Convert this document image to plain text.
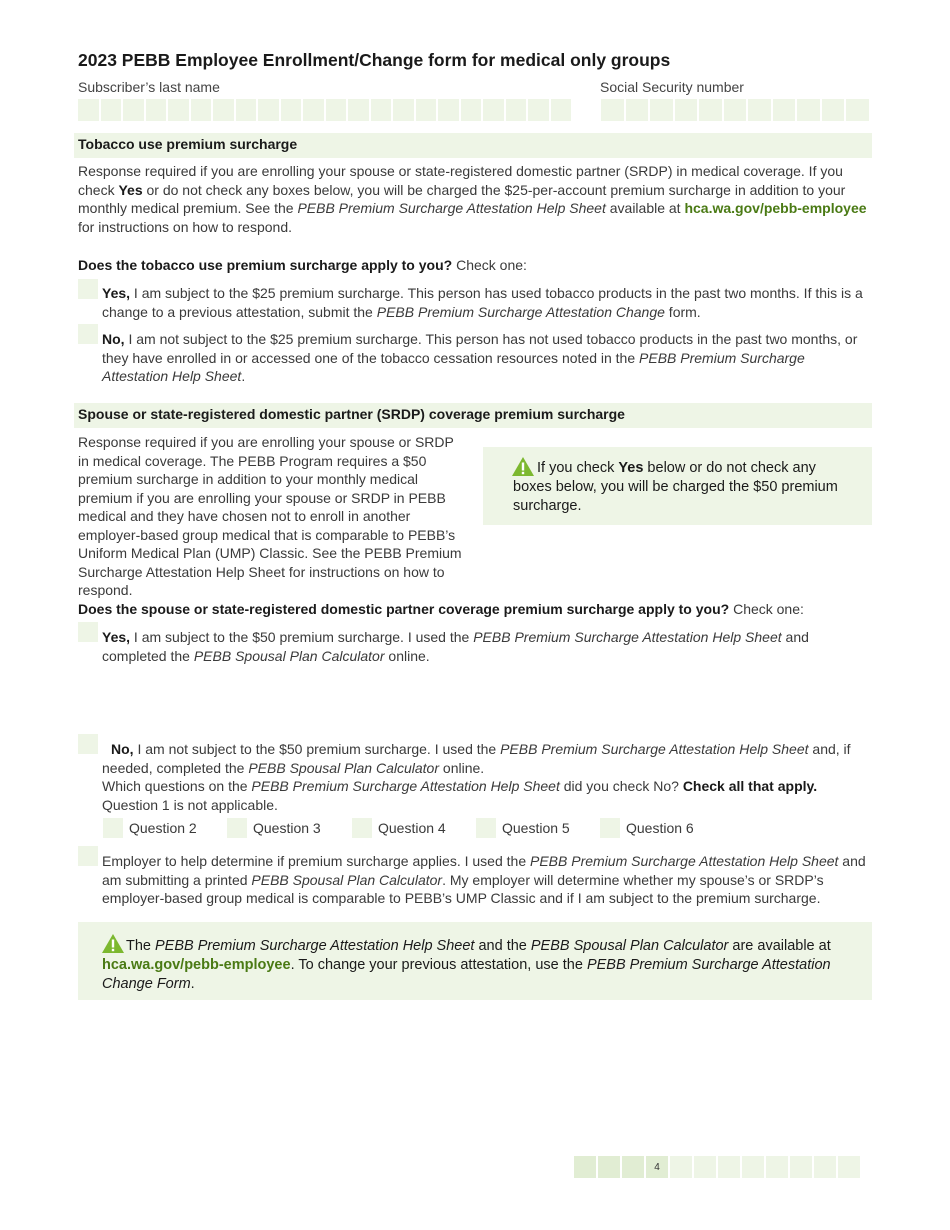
2023 PEBB Employee Enrollment/Change form for medical only groups
Subscriber’s last name	Social Security number
Tobacco use premium surcharge
Response required if you are enrolling your spouse or state-registered domestic partner (SRDP) in medical coverage. If you check Yes or do not check any boxes below, you will be charged the $25-per-account premium surcharge in addition to your monthly medical premium. See the PEBB Premium Surcharge Attestation Help Sheet available at hca.wa.gov/pebb-employee for instructions on how to respond.
Does the tobacco use premium surcharge apply to you? Check one:
Yes, I am subject to the $25 premium surcharge. This person has used tobacco products in the past two months. If this is a change to a previous attestation, submit the PEBB Premium Surcharge Attestation Change form.
No, I am not subject to the $25 premium surcharge. This person has not used tobacco products in the past two months, or they have enrolled in or accessed one of the tobacco cessation resources noted in the PEBB Premium Surcharge Attestation Help Sheet.
Spouse or state-registered domestic partner (SRDP) coverage premium surcharge
Response required if you are enrolling your spouse or SRDP in medical coverage. The PEBB Program requires a $50 premium surcharge in addition to your monthly medical premium if you are enrolling your spouse or SRDP in PEBB medical and they have chosen not to enroll in another employer-based group medical that is comparable to PEBB’s Uniform Medical Plan (UMP) Classic. See the PEBB Premium Surcharge Attestation Help Sheet for instructions on how to respond.
If you check Yes below or do not check any boxes below, you will be charged the $50 premium surcharge.
Does the spouse or state-registered domestic partner coverage premium surcharge apply to you? Check one:
Yes, I am subject to the $50 premium surcharge. I used the PEBB Premium Surcharge Attestation Help Sheet and completed the PEBB Spousal Plan Calculator online.
No, I am not subject to the $50 premium surcharge. I used the PEBB Premium Surcharge Attestation Help Sheet and, if needed, completed the PEBB Spousal Plan Calculator online.
Which questions on the PEBB Premium Surcharge Attestation Help Sheet did you check No? Check all that apply. Question 1 is not applicable.
Question 2	Question 3	Question 4	Question 5	Question 6
Employer to help determine if premium surcharge applies. I used the PEBB Premium Surcharge Attestation Help Sheet and am submitting a printed PEBB Spousal Plan Calculator. My employer will determine whether my spouse’s or SRDP’s employer-based group medical is comparable to PEBB’s UMP Classic and if I am subject to the premium surcharge.
The PEBB Premium Surcharge Attestation Help Sheet and the PEBB Spousal Plan Calculator are available at hca.wa.gov/pebb-employee. To change your previous attestation, use the PEBB Premium Surcharge Attestation Change Form.
4
